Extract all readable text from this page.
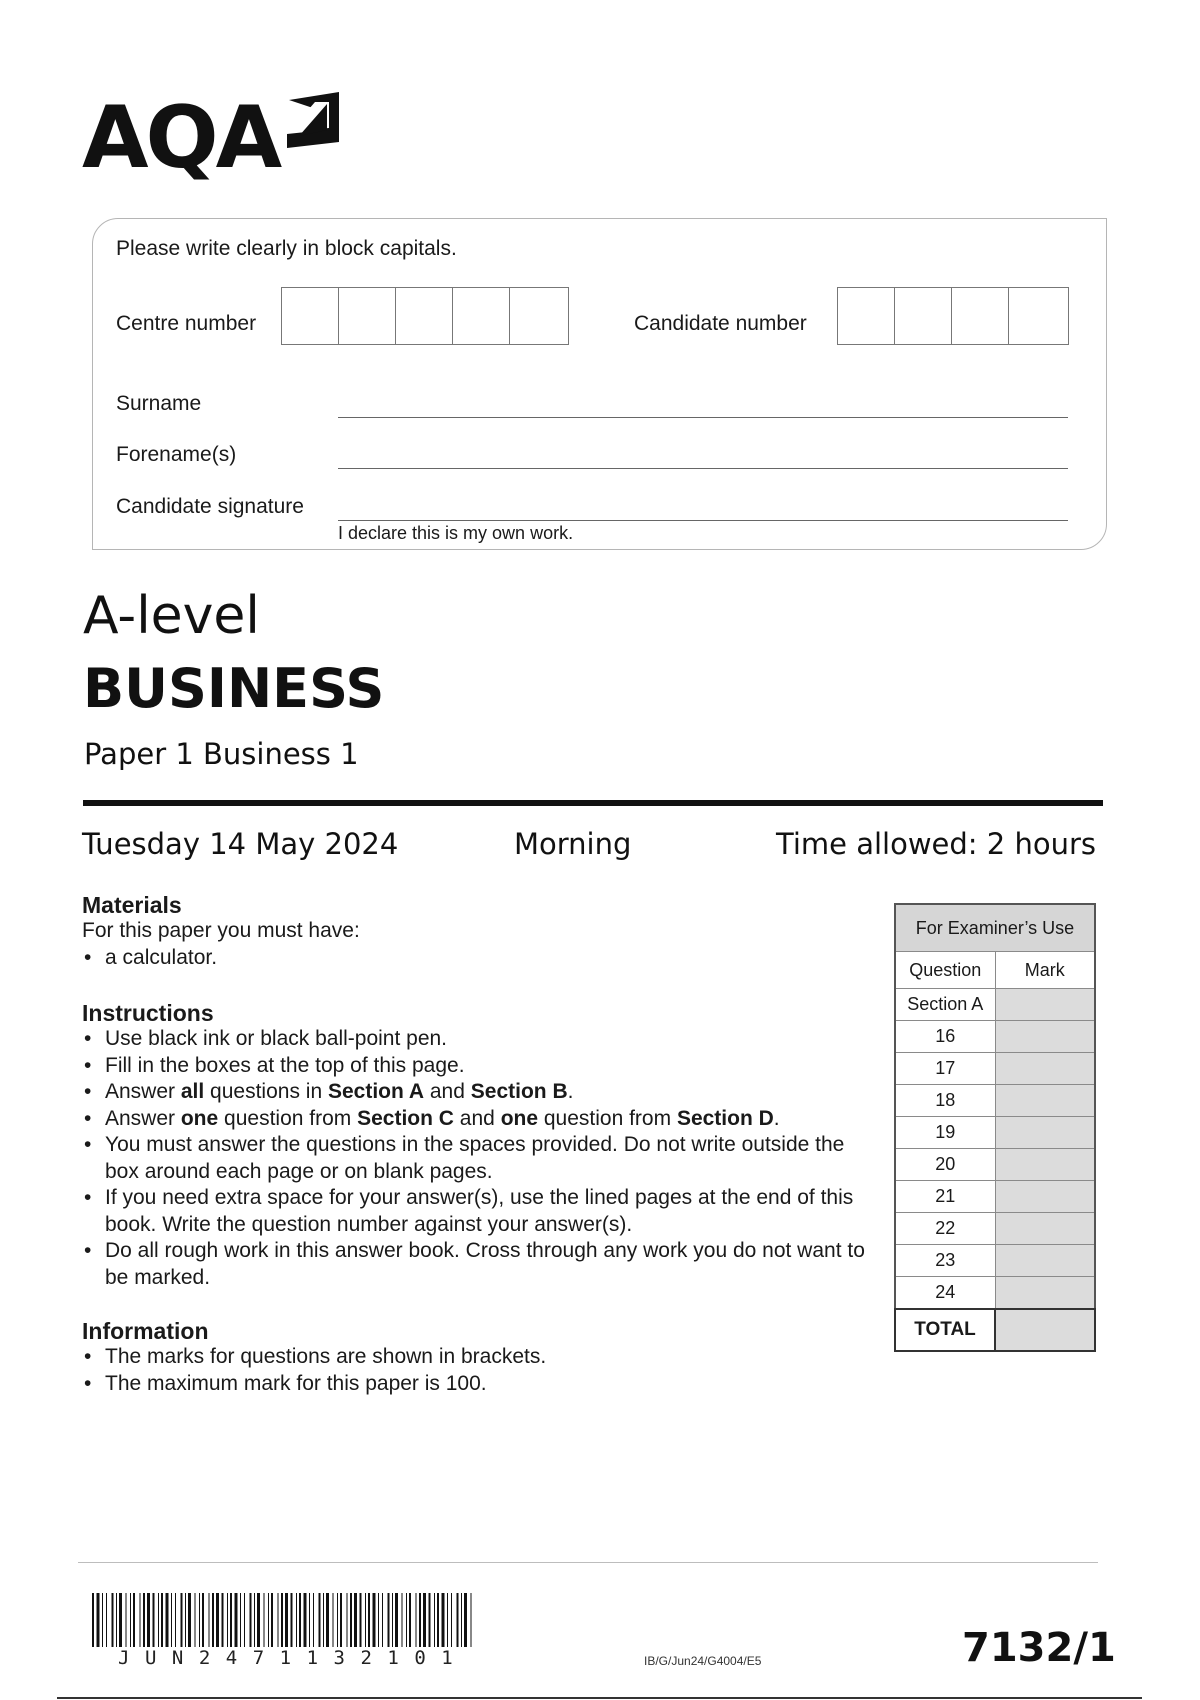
AQA
Please write clearly in block capitals.
Centre number	Candidate number
Surname
Forename(s)
Candidate signature
I declare this is my own work.
A-level
BUSINESS
Paper 1 Business 1
Tuesday 14 May 2024	Morning	Time allowed: 2 hours
Materials

For this paper you must have:

• a calculator.
Instructions
• Use black ink or black ball-point pen.
• Fill in the boxes at the top of this page.
• Answer all questions in Section A and Section B.
• Answer one question from Section C and one question from Section D.
• You must answer the questions in the spaces provided. Do not write outside the box around each page or on blank pages.
• If you need extra space for your answer(s), use the lined pages at the end of this book. Write the question number against your answer(s).
• Do all rough work in this answer book. Cross through any work you do not want to be marked.
Information
• The marks for questions are shown in brackets.
• The maximum mark for this paper is 100.
For Examiner’s Use	
Question	Mark
Section A	
16	
17	
18	
19	
20	
21	
22	
23	
24	
TOTAL	
JUN2471132101	IB/G/Jun24/G4004/E5	7132/1
